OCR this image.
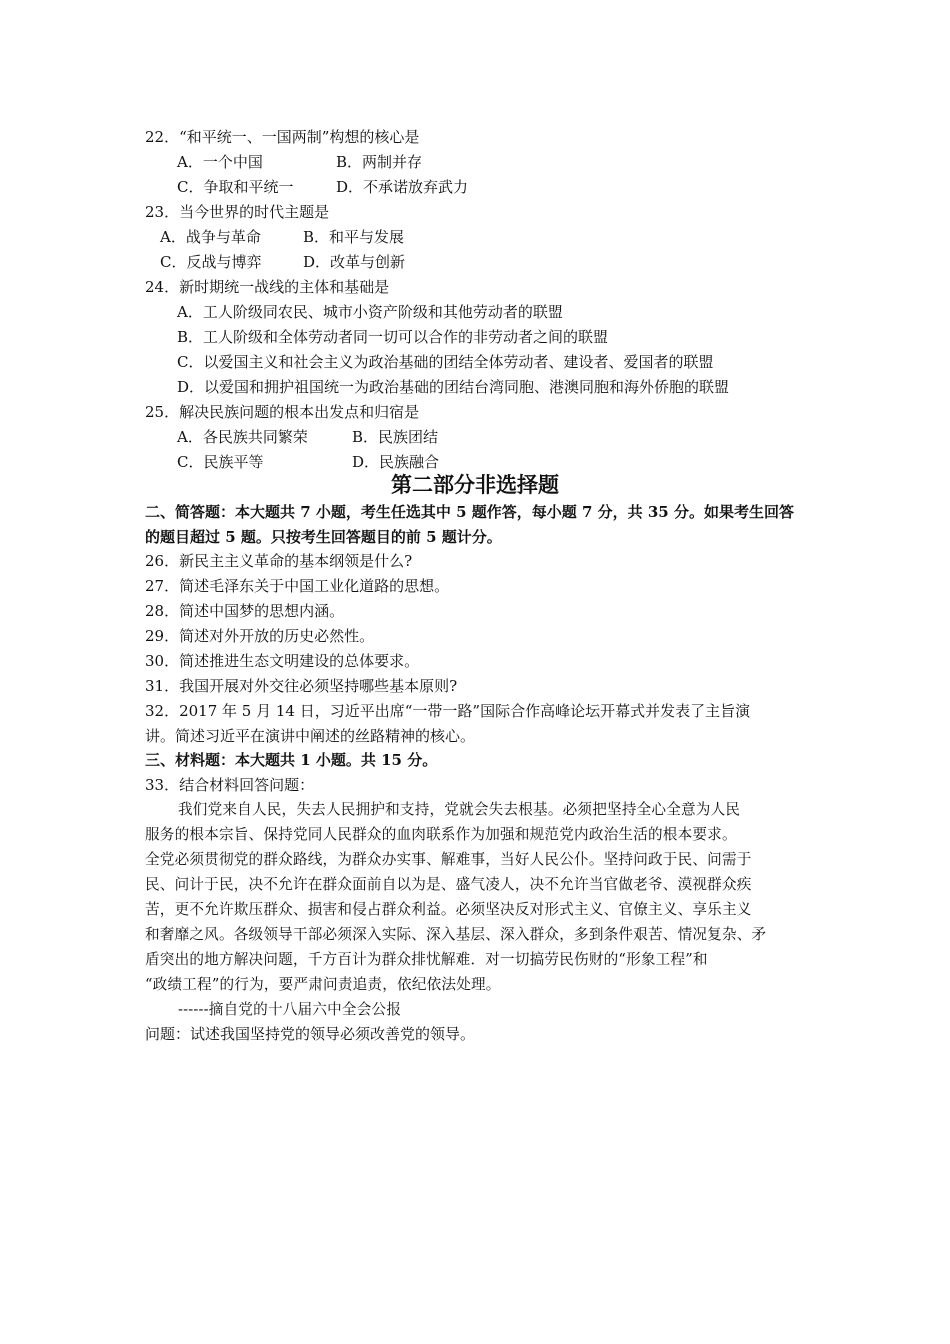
22．“和平统一、一国两制”构想的核心是
A．一个中国	B．两制并存
C．争取和平统一	D．不承诺放弃武力
23．当今世界的时代主题是
A．战争与革命	B．和平与发展
C．反战与博弈	D．改革与创新
24．新时期统一战线的主体和基础是
A．工人阶级同农民、城市小资产阶级和其他劳动者的联盟
B．工人阶级和全体劳动者同一切可以合作的非劳动者之间的联盟
C．以爱国主义和社会主义为政治基础的团结全体劳动者、建设者、爱国者的联盟
D．以爱国和拥护祖国统一为政治基础的团结台湾同胞、港澳同胞和海外侨胞的联盟
25．解决民族问题的根本出发点和归宿是
A．各民族共同繁荣	B．民族团结
C．民族平等	D．民族融合
第二部分非选择题
二、简答题：本大题共 7 小题，考生任选其中 5 题作答，每小题 7 分，共 35 分。如果考生回答
的题目超过 5 题。只按考生回答题目的前 5 题计分。
26．新民主主义革命的基本纲领是什么?
27．简述毛泽东关于中国工业化道路的思想。
28．简述中国梦的思想内涵。
29．简述对外开放的历史必然性。
30．简述推进生态文明建设的总体要求。
31．我国开展对外交往必须坚持哪些基本原则?
32．2017 年 5 月 14 日，习近平出席“一带一路”国际合作高峰论坛开幕式并发表了主旨演
讲。简述习近平在演讲中阐述的丝路精神的核心。
三、材料题：本大题共 1 小题。共 15 分。
33．结合材料回答问题：
我们党来自人民，失去人民拥护和支持，党就会失去根基。必须把坚持全心全意为人民
服务的根本宗旨、保持党同人民群众的血肉联系作为加强和规范党内政治生活的根本要求。
全党必须贯彻党的群众路线，为群众办实事、解难事，当好人民公仆。坚持问政于民、问需于
民、问计于民，决不允许在群众面前自以为是、盛气凌人，决不允许当官做老爷、漠视群众疾
苦，更不允许欺压群众、损害和侵占群众利益。必须坚决反对形式主义、官僚主义、享乐主义
和奢靡之风。各级领导干部必须深入实际、深入基层、深入群众，多到条件艰苦、情况复杂、矛
盾突出的地方解决问题，千方百计为群众排忧解难．对一切搞劳民伤财的“形象工程”和
“政绩工程”的行为，要严肃问责追责，依纪依法处理。
------摘自党的十八届六中全会公报
问题：试述我国坚持党的领导必须改善党的领导。
